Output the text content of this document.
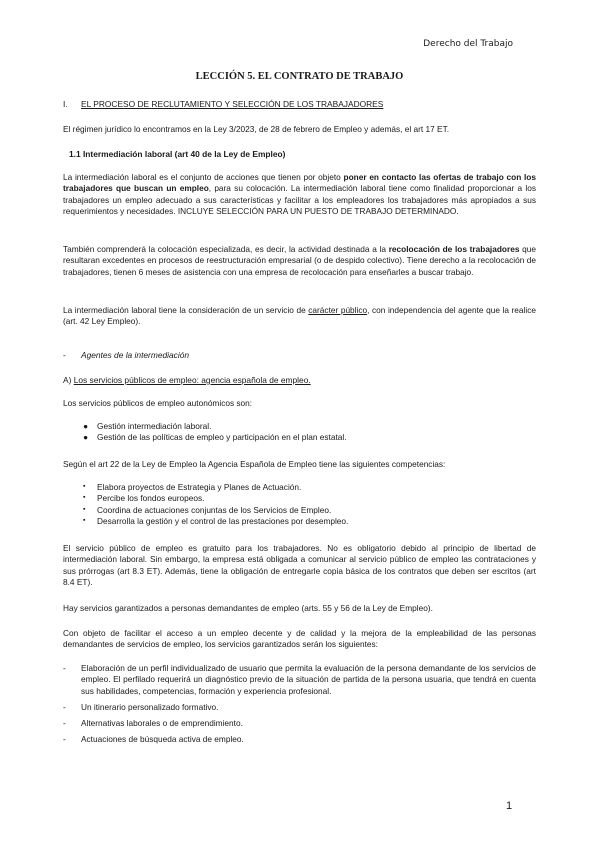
Derecho del Trabajo
LECCIÓN 5. EL CONTRATO DE TRABAJO
I. EL PROCESO DE RECLUTAMIENTO Y SELECCIÓN DE LOS TRABAJADORES

El régimen jurídico lo encontramos en la Ley 3/2023, de 28 de febrero de Empleo y además, el art 17 ET.

1.1 Intermediación laboral (art 40 de la Ley de Empleo)

La intermediación laboral es el conjunto de acciones que tienen por objeto poner en contacto las ofertas de trabajo con los trabajadores que buscan un empleo, para su colocación. La intermediación laboral tiene como finalidad proporcionar a los trabajadores un empleo adecuado a sus características y facilitar a los empleadores los trabajadores más apropiados a sus requerimientos y necesidades. INCLUYE SELECCIÓN PARA UN PUESTO DE TRABAJO DETERMINADO.

También comprenderá la colocación especializada, es decir, la actividad destinada a la recolocación de los trabajadores que resultaran excedentes en procesos de reestructuración empresarial (o de despido colectivo). Tiene derecho a la recolocación de trabajadores, tienen 6 meses de asistencia con una empresa de recolocación para enseñarles a buscar trabajo.

La intermediación laboral tiene la consideración de un servicio de carácter público, con independencia del agente que la realice (art. 42 Ley Empleo).

- Agentes de la intermediación
A) Los servicios públicos de empleo: agencia española de empleo.

Los servicios públicos de empleo autonómicos son:

● Gestión intermediación laboral.
● Gestión de las políticas de empleo y participación en el plan estatal.

Según el art 22 de la Ley de Empleo la Agencia Española de Empleo tiene las siguientes competencias:

▪ Elabora proyectos de Estrategia y Planes de Actuación.
▪ Percibe los fondos europeos.
▪ Coordina de actuaciones conjuntas de los Servicios de Empleo.
▪ Desarrolla la gestión y el control de las prestaciones por desempleo.

El servicio público de empleo es gratuito para los trabajadores. No es obligatorio debido al principio de libertad de intermediación laboral. Sin embargo, la empresa está obligada a comunicar al servicio público de empleo las contrataciones y sus prórrogas (art 8.3 ET). Además, tiene la obligación de entregarle copia básica de los contratos que deben ser escritos (art 8.4 ET).

Hay servicios garantizados a personas demandantes de empleo (arts. 55 y 56 de la Ley de Empleo).

Con objeto de facilitar el acceso a un empleo decente y de calidad y la mejora de la empleabilidad de las personas demandantes de servicios de empleo, los servicios garantizados serán los siguientes:

- Elaboración de un perfil individualizado de usuario que permita la evaluación de la persona demandante de los servicios de empleo. El perfilado requerirá un diagnóstico previo de la situación de partida de la persona usuaria, que tendrá en cuenta sus habilidades, competencias, formación y experiencia profesional.
- Un itinerario personalizado formativo.
- Alternativas laborales o de emprendimiento.
- Actuaciones de búsqueda activa de empleo.
1
